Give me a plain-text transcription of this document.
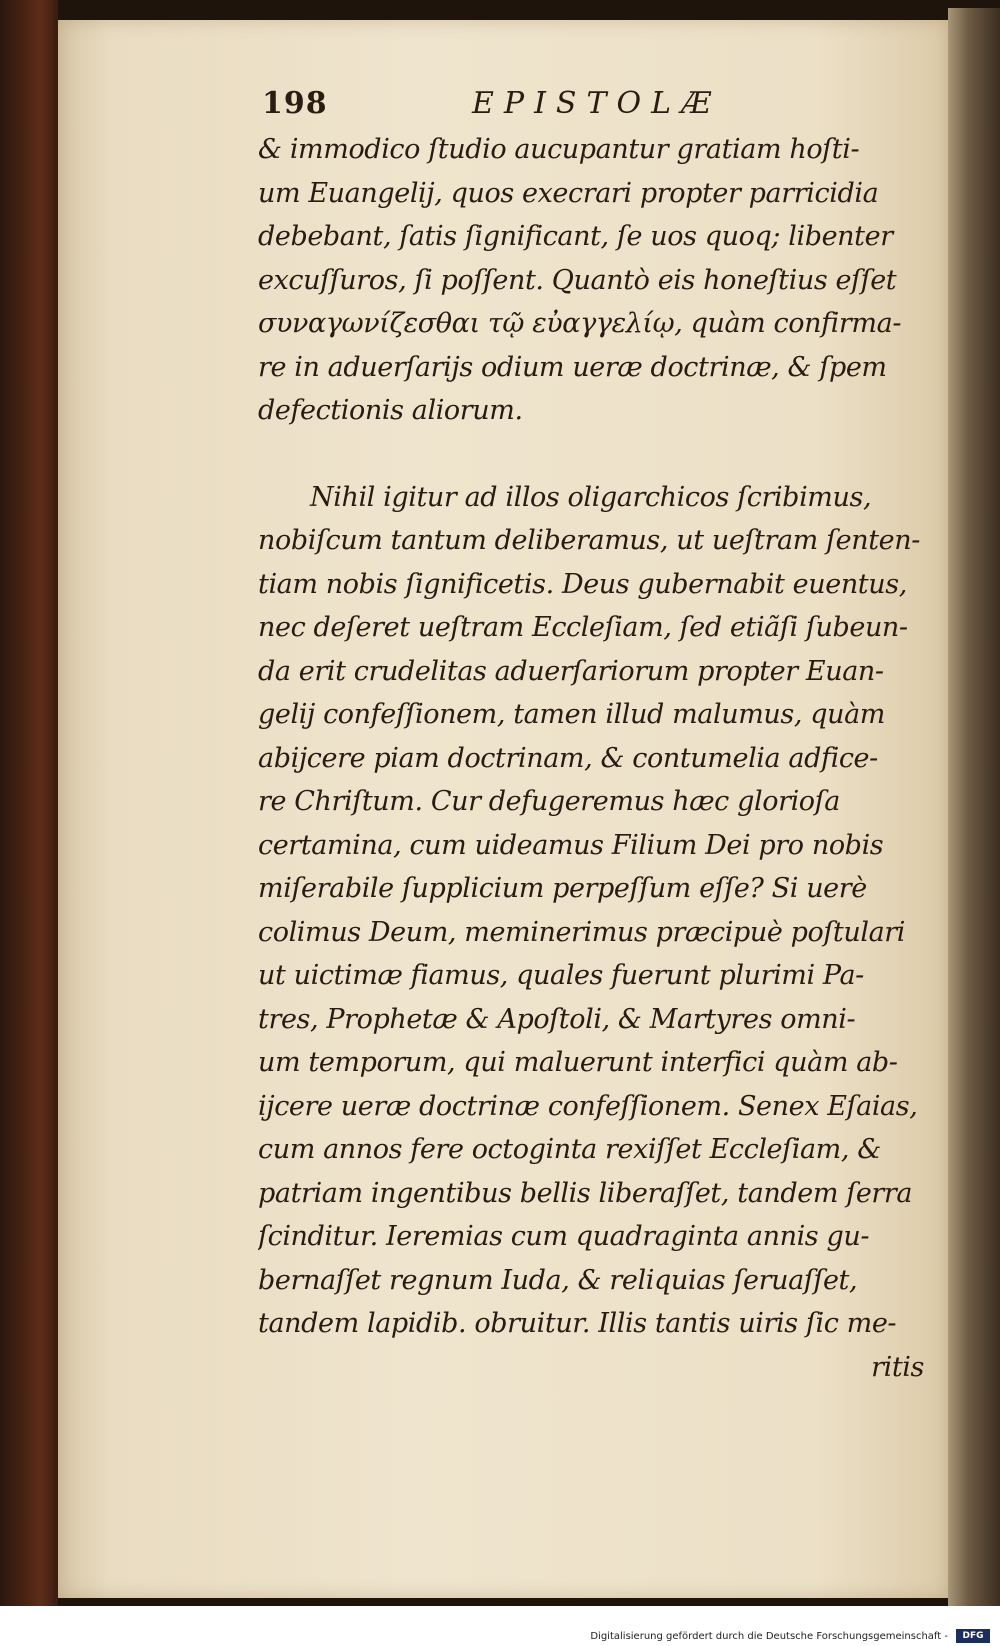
198	EPISTOLÆ
& immodico ſtudio aucupantur gratiam hoſti-
um Euangelij, quos execrari propter parricidia
debebant, ſatis ſignificant, ſe uos quoq; libenter
excuſſuros, ſi poſſent. Quantò eis honeſtius eſſet
συναγωνίζεσθαι τῷ εὐαγγελίῳ, quàm confirma-
re in aduerſarijs odium ueræ doctrinæ, & ſpem
defectionis aliorum.
Nihil igitur ad illos oligarchicos ſcribimus,
nobiſcum tantum deliberamus, ut ueſtram ſenten-
tiam nobis ſignificetis. Deus gubernabit euentus,
nec deſeret ueſtram Eccleſiam, ſed etiãſi ſubeun-
da erit crudelitas aduerſariorum propter Euan-
gelij confeſſionem, tamen illud malumus, quàm
abijcere piam doctrinam, & contumelia adfice-
re Chriſtum. Cur defugeremus hæc glorioſa
certamina, cum uideamus Filium Dei pro nobis
miſerabile ſupplicium perpeſſum eſſe? Si uerè
colimus Deum, meminerimus præcipuè poſtulari
ut uictimæ fiamus, quales fuerunt plurimi Pa-
tres, Prophetæ & Apoſtoli, & Martyres omni-
um temporum, qui maluerunt interfici quàm ab-
ijcere ueræ doctrinæ confeſſionem. Senex Eſaias,
cum annos fere octoginta rexiſſet Eccleſiam, &
patriam ingentibus bellis liberaſſet, tandem ſerra
ſcinditur. Ieremias cum quadraginta annis gu-
bernaſſet regnum Iuda, & reliquias ſeruaſſet,
tandem lapidib. obruitur. Illis tantis uiris ſic me-
ritis
Digitalisierung gefördert durch die Deutsche Forschungsgemeinschaft -	DFG
